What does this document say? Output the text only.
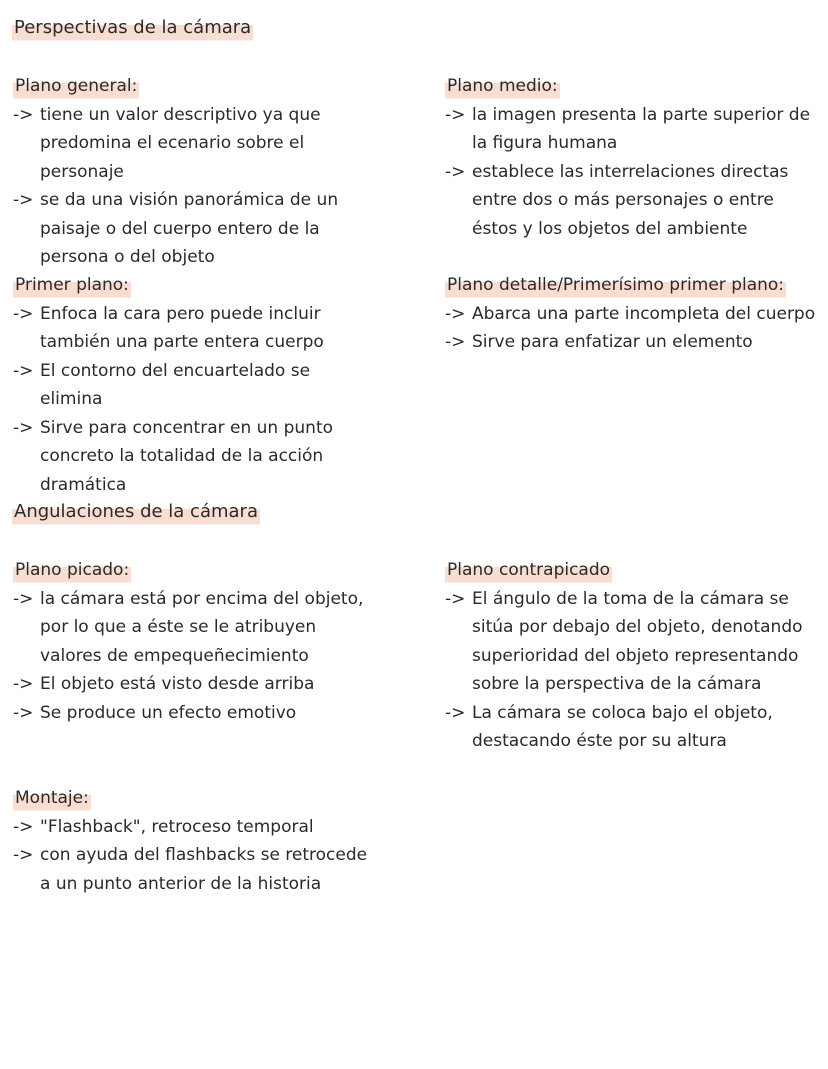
Perspectivas de la cámara
Plano general:
-> tiene un valor descriptivo ya que predomina el ecenario sobre el personaje
-> se da una visión panorámica de un paisaje o del cuerpo entero de la persona o del objeto
Plano medio:
-> la imagen presenta la parte superior de la figura humana
-> establece las interrelaciones directas entre dos o más personajes o entre éstos y los objetos del ambiente
Primer plano:
-> Enfoca la cara pero puede incluir también una parte entera cuerpo
-> El contorno del encuartelado se elimina
-> Sirve para concentrar en un punto concreto la totalidad de la acción dramática
Plano detalle/Primerísimo primer plano:
-> Abarca una parte incompleta del cuerpo
-> Sirve para enfatizar un elemento
Angulaciones de la cámara
Plano picado:
-> la cámara está por encima del objeto, por lo que a éste se le atribuyen valores de empequeñecimiento
-> El objeto está visto desde arriba
-> Se produce un efecto emotivo
Plano contrapicado
-> El ángulo de la toma de la cámara se sitúa por debajo del objeto, denotando superioridad del objeto representando sobre la perspectiva de la cámara
-> La cámara se coloca bajo el objeto, destacando éste por su altura
Montaje:
-> "Flashback", retroceso temporal
-> con ayuda del flashbacks se retrocede a un punto anterior de la historia
